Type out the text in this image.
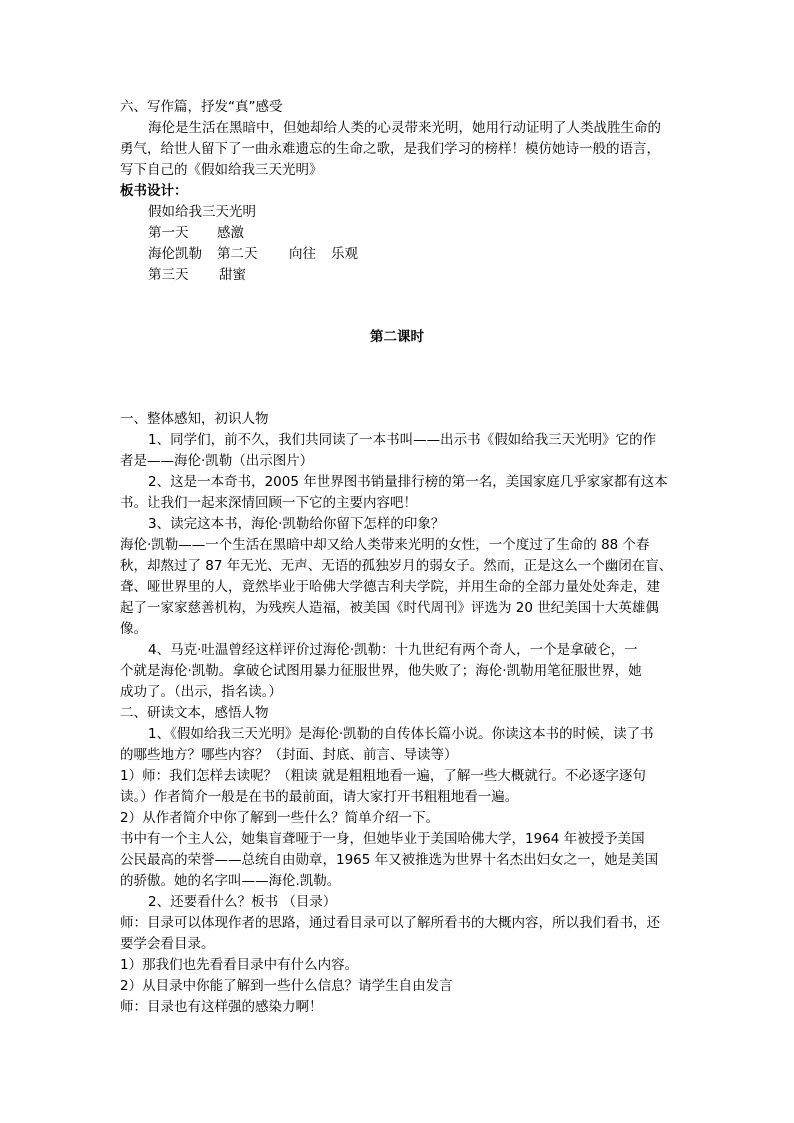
六、写作篇，抒发“真”感受
海伦是生活在黑暗中，但她却给人类的心灵带来光明，她用行动证明了人类战胜生命的
勇气，给世人留下了一曲永难遗忘的生命之歌，是我们学习的榜样！模仿她诗一般的语言，
写下自己的《假如给我三天光明》
板书设计：
假如给我三天光明
第一天 感激
海伦凯勒 第二天 向往 乐观
第三天 甜蜜
第二课时
一、整体感知，初识人物
1、同学们，前不久，我们共同读了一本书叫——出示书《假如给我三天光明》它的作
者是——海伦·凯勒（出示图片）
2、这是一本奇书，2005 年世界图书销量排行榜的第一名，美国家庭几乎家家都有这本
书。让我们一起来深情回顾一下它的主要内容吧！
3、读完这本书，海伦·凯勒给你留下怎样的印象？
海伦·凯勒——一个生活在黑暗中却又给人类带来光明的女性，一个度过了生命的 88 个春
秋，却熬过了 87 年无光、无声、无语的孤独岁月的弱女子。然而，正是这么一个幽闭在盲、
聋、哑世界里的人，竟然毕业于哈佛大学德吉利夫学院，并用生命的全部力量处处奔走，建
起了一家家慈善机构，为残疾人造福，被美国《时代周刊》评选为 20 世纪美国十大英雄偶
像。
4、马克·吐温曾经这样评价过海伦·凯勒：十九世纪有两个奇人，一个是拿破仑，一
个就是海伦·凯勒。拿破仑试图用暴力征服世界，他失败了；海伦·凯勒用笔征服世界，她
成功了。（出示，指名读。）
二、研读文本，感悟人物
1、《假如给我三天光明》是海伦·凯勒的自传体长篇小说。你读这本书的时候，读了书
的哪些地方？哪些内容？（封面、封底、前言、导读等）
1）师：我们怎样去读呢？（粗读 就是粗粗地看一遍，了解一些大概就行。不必逐字逐句
读。）作者简介一般是在书的最前面，请大家打开书粗粗地看一遍。
2）从作者简介中你了解到一些什么？简单介绍一下。
书中有一个主人公，她集盲聋哑于一身，但她毕业于美国哈佛大学，1964 年被授予美国
公民最高的荣誉——总统自由勋章，1965 年又被推选为世界十名杰出妇女之一，她是美国
的骄傲。她的名字叫——海伦.凯勒。
2、还要看什么？板书 （目录）
师：目录可以体现作者的思路，通过看目录可以了解所看书的大概内容，所以我们看书，还
要学会看目录。
1）那我们也先看看目录中有什么内容。
2）从目录中你能了解到一些什么信息？请学生自由发言
师：目录也有这样强的感染力啊！
